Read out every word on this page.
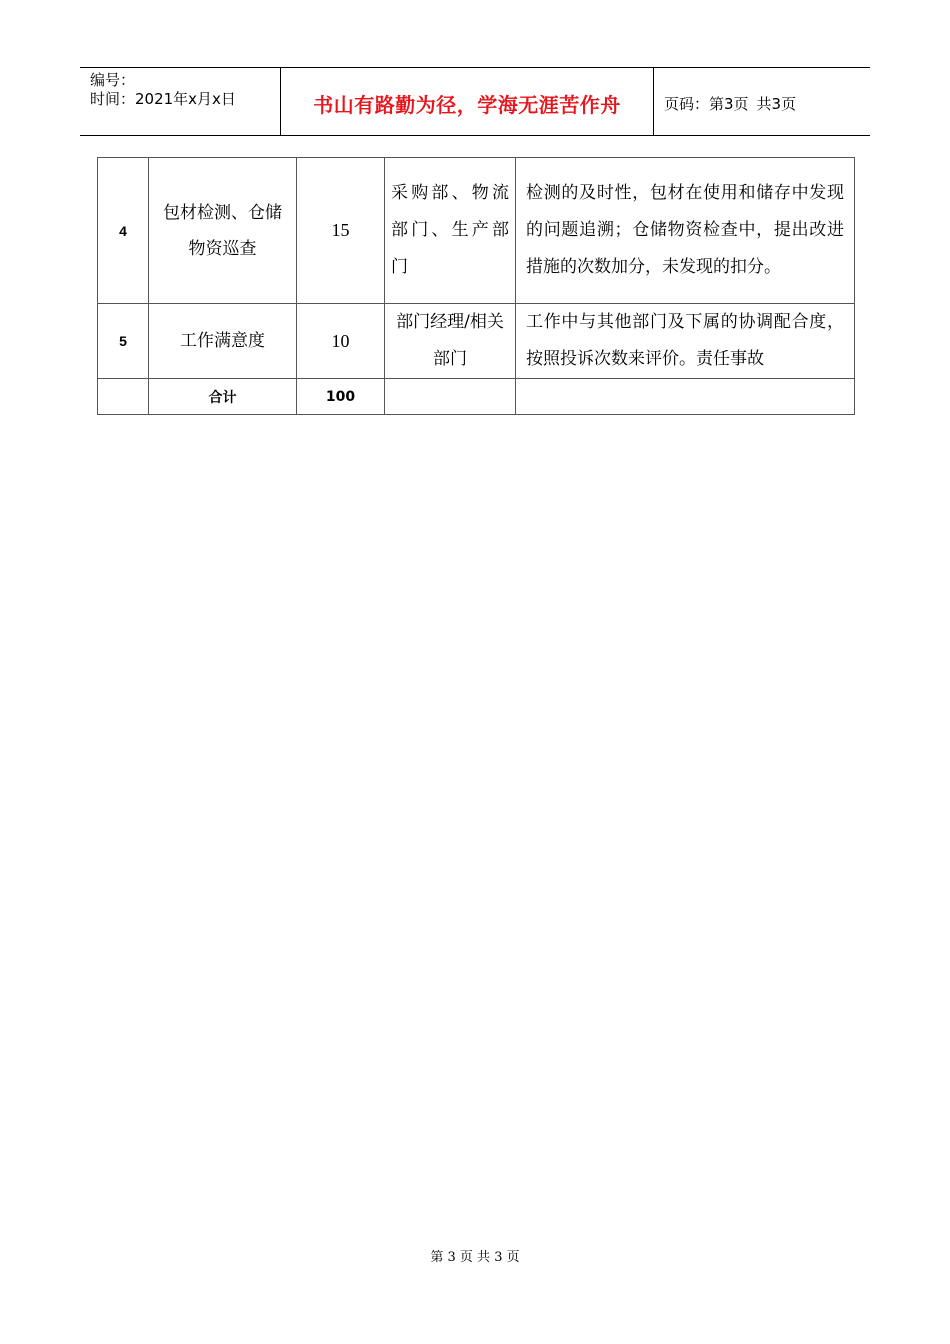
编号：
时间：2021年x月x日	书山有路勤为径，学海无涯苦作舟	页码：第3页 共3页
4	包材检测、仓储物资巡查	15	采购部、物流部门、生产部门	检测的及时性，包材在使用和储存中发现的问题追溯；仓储物资检查中，提出改进措施的次数加分，未发现的扣分。
5	工作满意度	10	部门经理/相关部门	工作中与其他部门及下属的协调配合度，按照投诉次数来评价。责任事故
	合计	100		
第 3 页 共 3 页
